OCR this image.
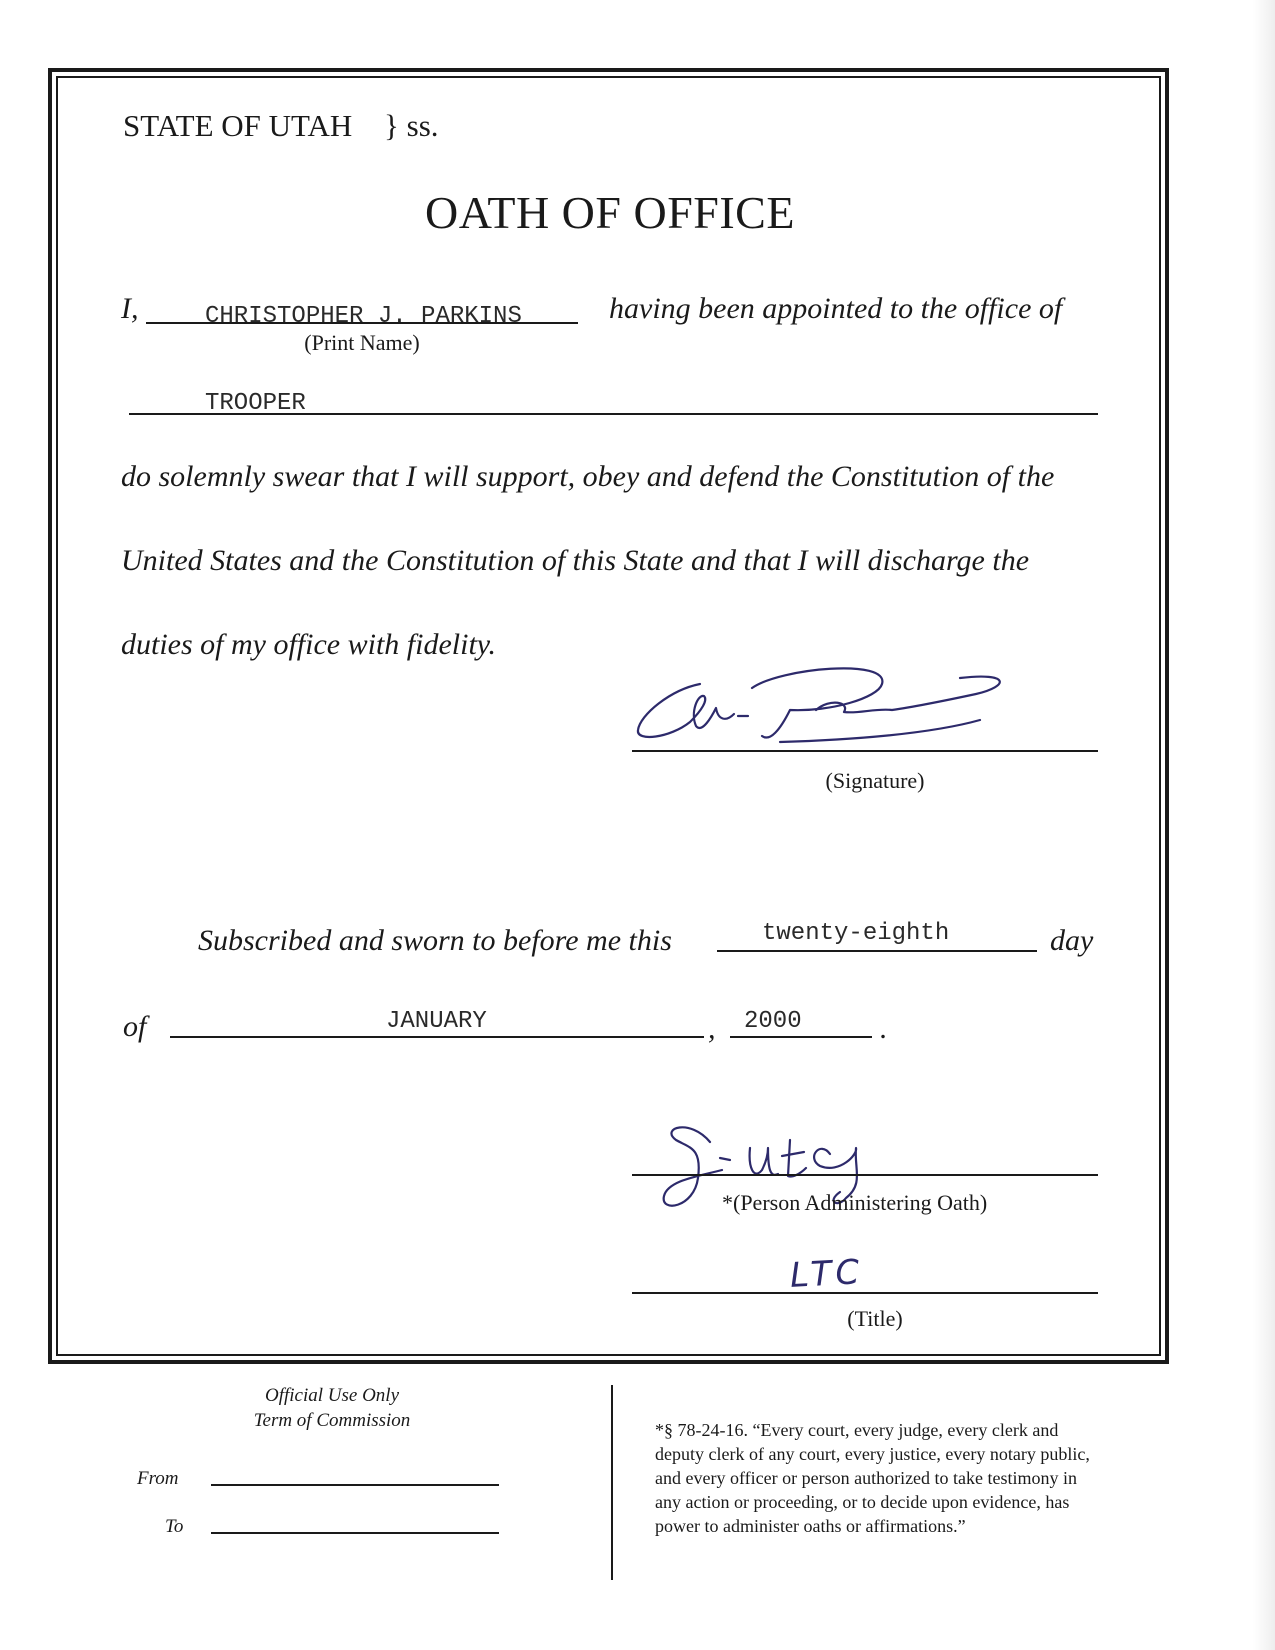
STATE OF UTAH } ss.
OATH OF OFFICE
I,	CHRISTOPHER J. PARKINS
(Print Name)
having been appointed to the office of
TROOPER
do solemnly swear that I will support, obey and defend the Constitution of the
United States and the Constitution of this State and that I will discharge the
duties of my office with fidelity.
(Signature)
Subscribed and sworn to before me this	twenty-eighth	day
of	JANUARY	, 2000	.
*(Person Administering Oath)
LTC
(Title)
Official Use Only
Term of Commission
From
To
*§ 78-24-16. “Every court, every judge, every clerk and
deputy clerk of any court, every justice, every notary public,
and every officer or person authorized to take testimony in
any action or proceeding, or to decide upon evidence, has
power to administer oaths or affirmations.”
